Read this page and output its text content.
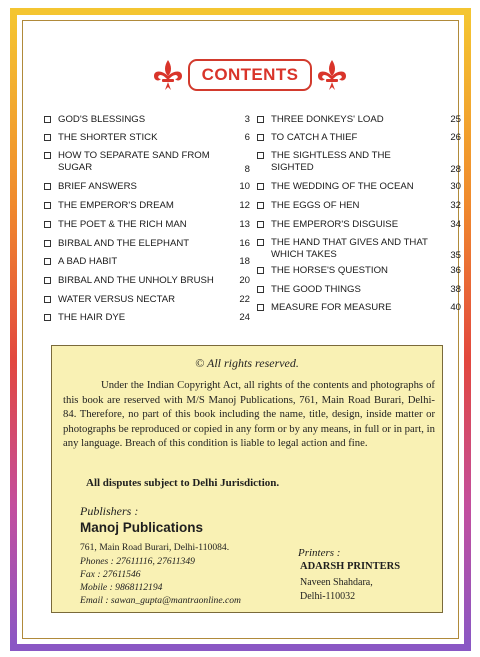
CONTENTS
GOD'S BLESSINGS	3
THE SHORTER STICK	6
HOW TO SEPARATE SAND FROM SUGAR	8
BRIEF ANSWERS	10
THE EMPEROR'S DREAM	12
THE POET & THE RICH MAN	13
BIRBAL AND THE ELEPHANT	16
A BAD HABIT	18
BIRBAL AND THE UNHOLY BRUSH	20
WATER VERSUS NECTAR	22
THE HAIR DYE	24
THREE DONKEYS' LOAD	25
TO CATCH A THIEF	26
THE SIGHTLESS AND THE SIGHTED	28
THE WEDDING OF THE OCEAN	30
THE EGGS OF HEN	32
THE EMPEROR'S DISGUISE	34
THE HAND THAT GIVES AND THAT WHICH TAKES	35
THE HORSE'S QUESTION	36
THE GOOD THINGS	38
MEASURE FOR MEASURE	40
© All rights reserved.
Under the Indian Copyright Act, all rights of the contents and photographs of this book are reserved with M/S Manoj Publications, 761, Main Road Burari, Delhi-84. Therefore, no part of this book including the name, title, design, inside matter or photographs be reproduced or copied in any form or by any means, in full or in part, in any language. Breach of this condition is liable to legal action and fine.
All disputes subject to Delhi Jurisdiction.
Publishers :
Manoj Publications
761, Main Road Burari, Delhi-110084.
Phones : 27611116, 27611349
Fax : 27611546
Mobile : 9868112194
Email : sawan_gupta@mantraonline.com
Printers :
ADARSH PRINTERS
Naveen Shahdara,
Delhi-110032
